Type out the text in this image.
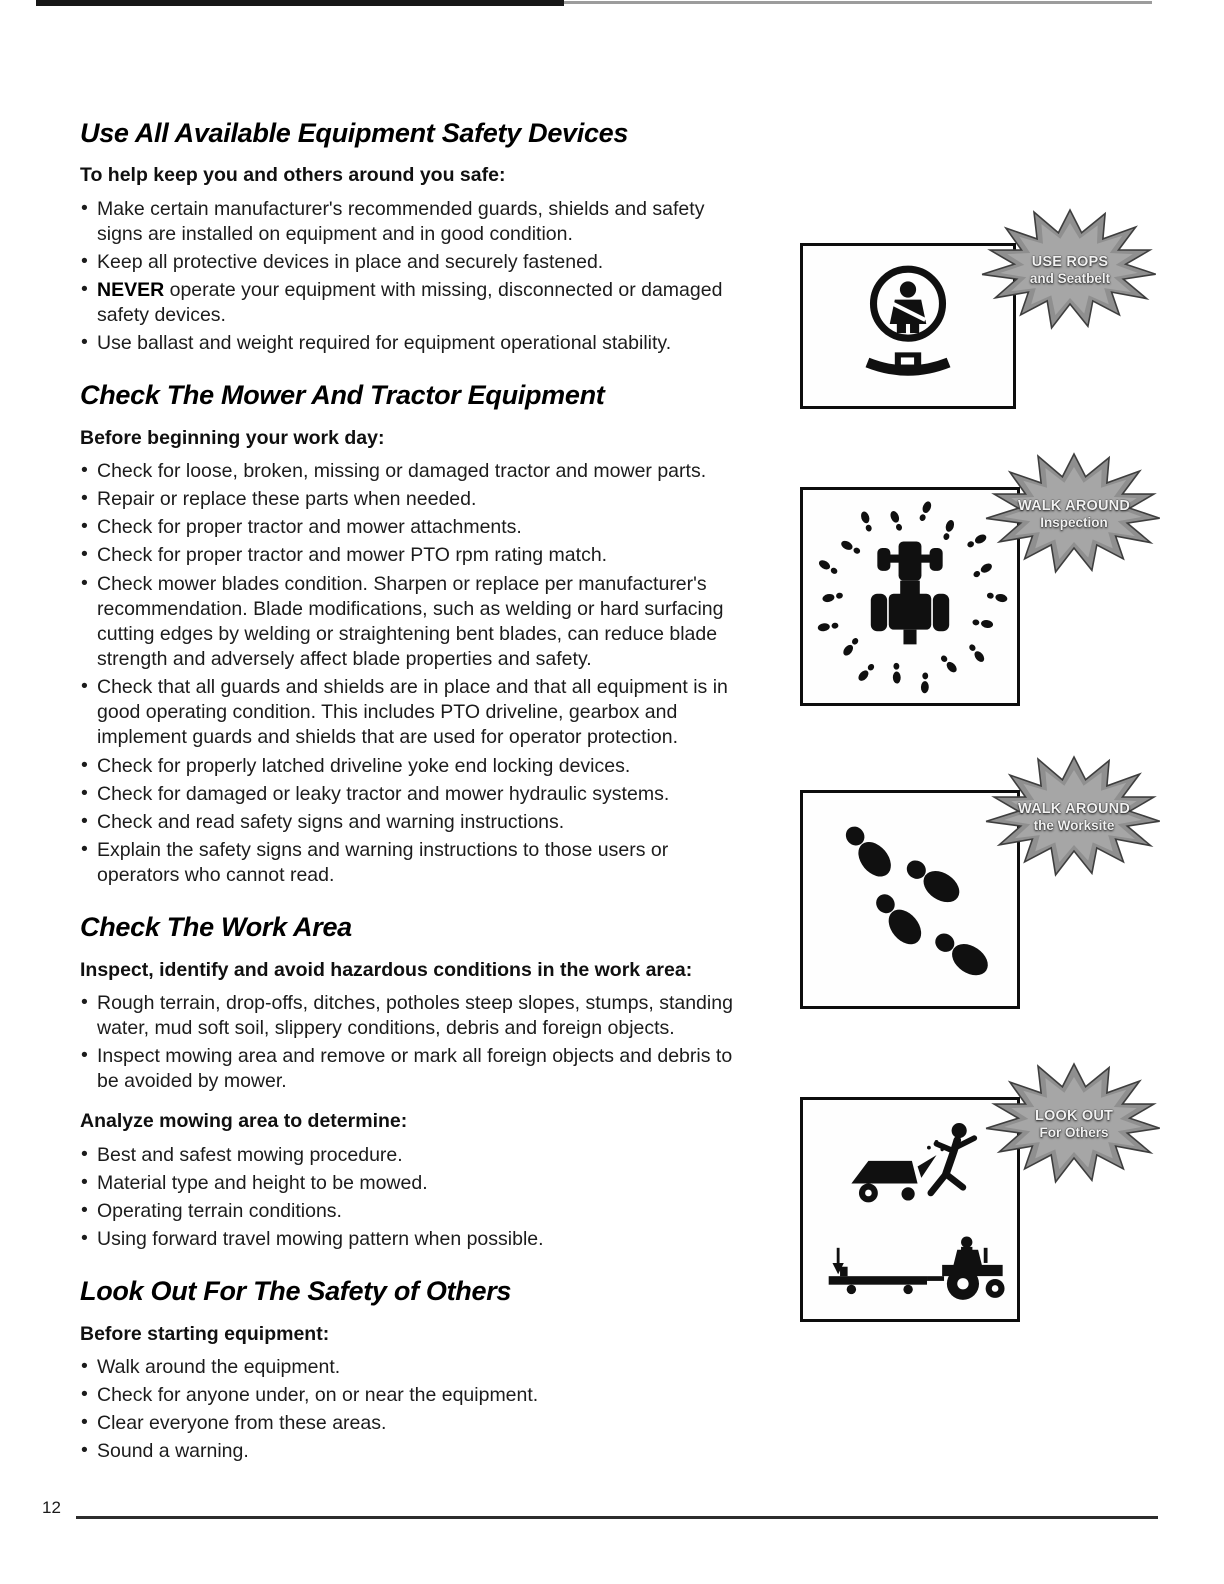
Use All Available Equipment Safety Devices

To help keep you and others around you safe:

• Make certain manufacturer's recommended guards, shields and safety signs are installed on equipment and in good condition.
• Keep all protective devices in place and securely fastened.
• NEVER operate your equipment with missing, disconnected or damaged safety devices.
• Use ballast and weight required for equipment operational stability.
Check The Mower And Tractor Equipment

Before beginning your work day:

• Check for loose, broken, missing or damaged tractor and mower parts.
• Repair or replace these parts when needed.
• Check for proper tractor and mower attachments.
• Check for proper tractor and mower PTO rpm rating match.
• Check mower blades condition. Sharpen or replace per manufacturer's recommendation. Blade modifications, such as welding or hard surfacing cutting edges by welding or straightening bent blades, can reduce blade strength and adversely affect blade properties and safety.
• Check that all guards and shields are in place and that all equipment is in good operating condition. This includes PTO driveline, gearbox and implement guards and shields that are used for operator protection.
• Check for properly latched driveline yoke end locking devices.
• Check for damaged or leaky tractor and mower hydraulic systems.
• Check and read safety signs and warning instructions.
• Explain the safety signs and warning instructions to those users or operators who cannot read.
Check The Work Area

Inspect, identify and avoid hazardous conditions in the work area:

• Rough terrain, drop-offs, ditches, potholes steep slopes, stumps, standing water, mud soft soil, slippery conditions, debris and foreign objects.
• Inspect mowing area and remove or mark all foreign objects and debris to be avoided by mower.

Analyze mowing area to determine:

• Best and safest mowing procedure.
• Material type and height to be mowed.
• Operating terrain conditions.
• Using forward travel mowing pattern when possible.
Look Out For The Safety of Others

Before starting equipment:

• Walk around the equipment.
• Check for anyone under, on or near the equipment.
• Clear everyone from these areas.
• Sound a warning.
USE ROPS
and Seatbelt
WALK AROUND
Inspection
WALK AROUND
the Worksite
LOOK OUT
For Others
12
